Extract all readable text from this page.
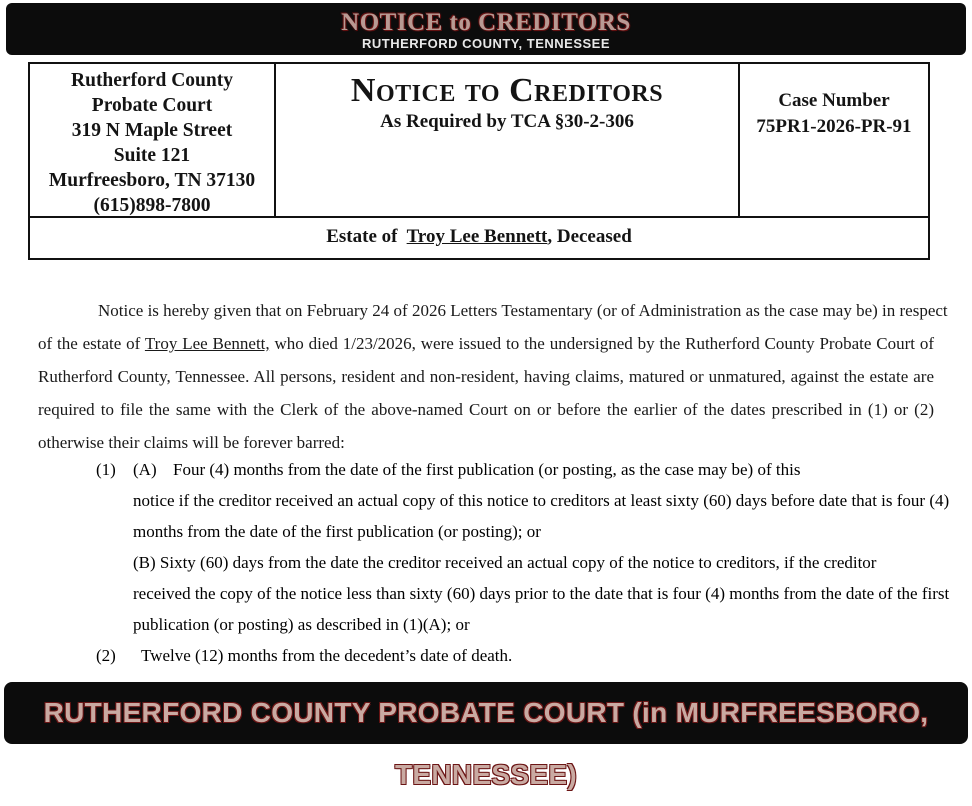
NOTICE to CREDITORS
RUTHERFORD COUNTY, TENNESSEE
Rutherford County
Probate Court
319 N Maple Street
Suite 121
Murfreesboro, TN 37130
(615)898-7800
Notice to Creditors
As Required by TCA §30-2-306
Case Number
75PR1-2026-PR-91
Estate of Troy Lee Bennett, Deceased

Notice is hereby given that on February 24 of 2026 Letters Testamentary (or of Administration as the case may be) in respect

of the estate of Troy Lee Bennett, who died 1/23/2026, were issued to the undersigned by the Rutherford County Probate Court of

Rutherford County, Tennessee. All persons, resident and non-resident, having claims, matured or unmatured, against the estate are

required to file the same with the Clerk of the above-named Court on or before the earlier of the dates prescribed in (1) or (2)

otherwise their claims will be forever barred:

(1) (A) Four (4) months from the date of the first publication (or posting, as the case may be) of this
notice if the creditor received an actual copy of this notice to creditors at least sixty (60) days before date that is four (4)
months from the date of the first publication (or posting); or
(B) Sixty (60) days from the date the creditor received an actual copy of the notice to creditors, if the creditor
received the copy of the notice less than sixty (60) days prior to the date that is four (4) months from the date of the first
publication (or posting) as described in (1)(A); or
(2) Twelve (12) months from the decedent’s date of death.
RUTHERFORD COUNTY PROBATE COURT (in MURFREESBORO, TENNESSEE)
